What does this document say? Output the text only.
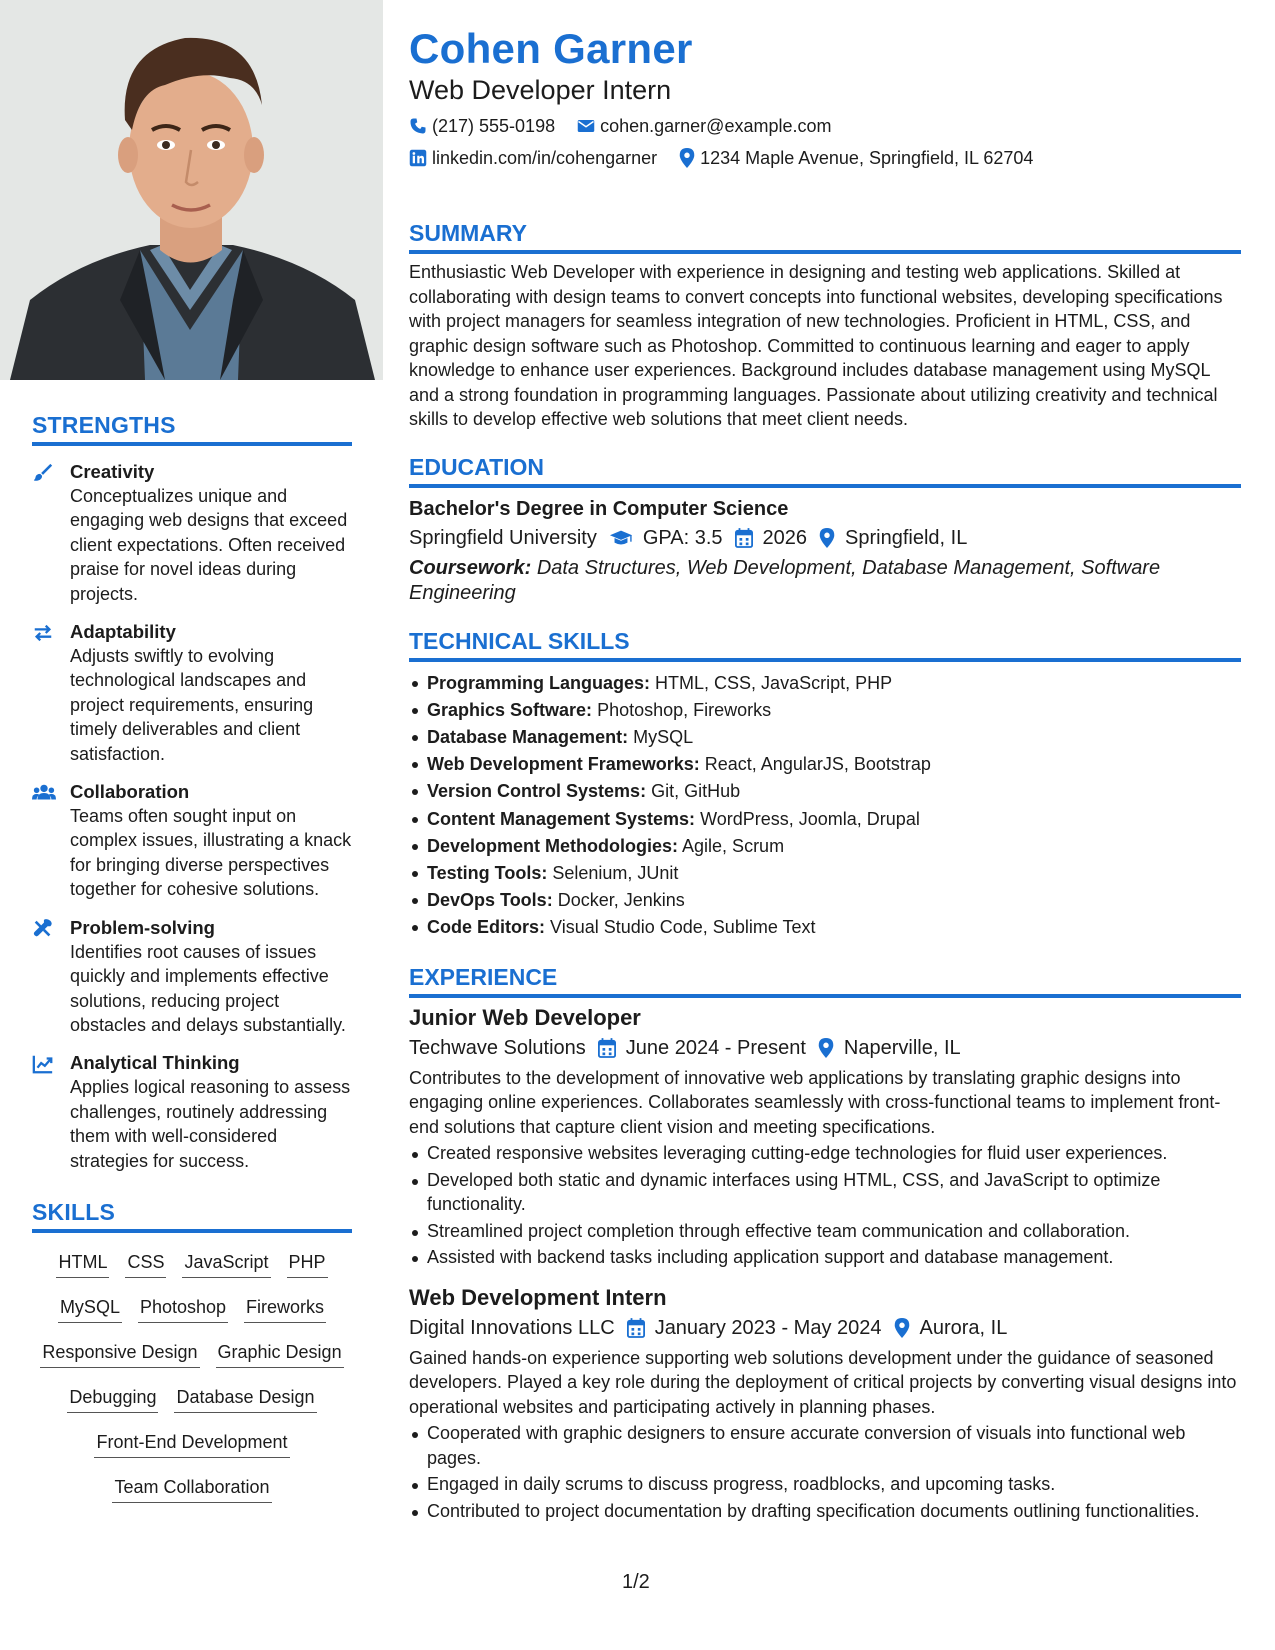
STRENGTHS
Creativity
Conceptualizes unique and engaging web designs that exceed client expectations. Often received praise for novel ideas during projects.
Adaptability
Adjusts swiftly to evolving technological landscapes and project requirements, ensuring timely deliverables and client satisfaction.
Collaboration
Teams often sought input on complex issues, illustrating a knack for bringing diverse perspectives together for cohesive solutions.
Problem-solving
Identifies root causes of issues quickly and implements effective solutions, reducing project obstacles and delays substantially.
Analytical Thinking
Applies logical reasoning to assess challenges, routinely addressing them with well-considered strategies for success.
SKILLS
HTML CSS JavaScript PHP
MySQL Photoshop Fireworks
Responsive Design Graphic Design
Debugging Database Design
Front-End Development
Team Collaboration
Cohen Garner
Web Developer Intern
(217) 555-0198	cohen.garner@example.com
linkedin.com/in/cohengarner 1234 Maple Avenue, Springfield, IL 62704
SUMMARY
Enthusiastic Web Developer with experience in designing and testing web applications. Skilled at collaborating with design teams to convert concepts into functional websites, developing specifications with project managers for seamless integration of new technologies. Proficient in HTML, CSS, and graphic design software such as Photoshop. Committed to continuous learning and eager to apply knowledge to enhance user experiences. Background includes database management using MySQL and a strong foundation in programming languages. Passionate about utilizing creativity and technical skills to develop effective web solutions that meet client needs.
EDUCATION
Bachelor's Degree in Computer Science
Springfield University GPA: 3.5 2026 Springfield, IL
Coursework: Data Structures, Web Development, Database Management, Software Engineering
TECHNICAL SKILLS
Programming Languages: HTML, CSS, JavaScript, PHP
Graphics Software: Photoshop, Fireworks
Database Management: MySQL
Web Development Frameworks: React, AngularJS, Bootstrap
Version Control Systems: Git, GitHub
Content Management Systems: WordPress, Joomla, Drupal
Development Methodologies: Agile, Scrum
Testing Tools: Selenium, JUnit
DevOps Tools: Docker, Jenkins
Code Editors: Visual Studio Code, Sublime Text
EXPERIENCE
Junior Web Developer
Techwave Solutions June 2024 - Present Naperville, IL
Contributes to the development of innovative web applications by translating graphic designs into engaging online experiences. Collaborates seamlessly with cross-functional teams to implement front-end solutions that capture client vision and meeting specifications.
Created responsive websites leveraging cutting-edge technologies for fluid user experiences.
Developed both static and dynamic interfaces using HTML, CSS, and JavaScript to optimize functionality.
Streamlined project completion through effective team communication and collaboration.
Assisted with backend tasks including application support and database management.
Web Development Intern
Digital Innovations LLC January 2023 - May 2024 Aurora, IL
Gained hands-on experience supporting web solutions development under the guidance of seasoned developers. Played a key role during the deployment of critical projects by converting visual designs into operational websites and participating actively in planning phases.
Cooperated with graphic designers to ensure accurate conversion of visuals into functional web pages.
Engaged in daily scrums to discuss progress, roadblocks, and upcoming tasks.
Contributed to project documentation by drafting specification documents outlining functionalities.
1/2
